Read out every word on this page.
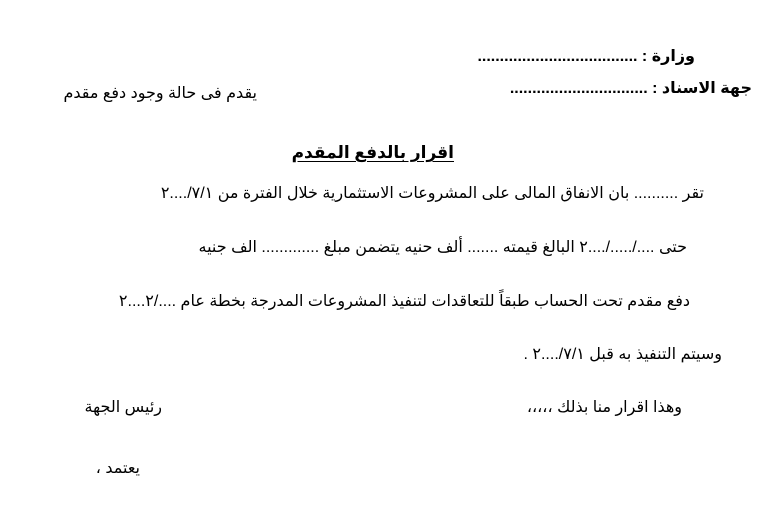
وزارة : ....................................
جهة الاسناد : ...............................
يقدم فى حالة وجود دفع مقدم
اقرار بالدفع المقدم
تقر .......... بان الانفاق المالى على المشروعات الاستثمارية خلال الفترة من ٧/١/....٢
حتى ..../...../....٢ البالغ قيمته ....... ألف حنيه يتضمن مبلغ ............. الف جنيه
دفع مقدم تحت الحساب طبقاً للتعاقدات لتنفيذ المشروعات المدرجة بخطة عام ..../٢....٢
وسيتم التنفيذ به قبل ٧/١/....٢ .
وهذا اقرار منا بذلك ،،،،،
رئيس الجهة
يعتمد ،
